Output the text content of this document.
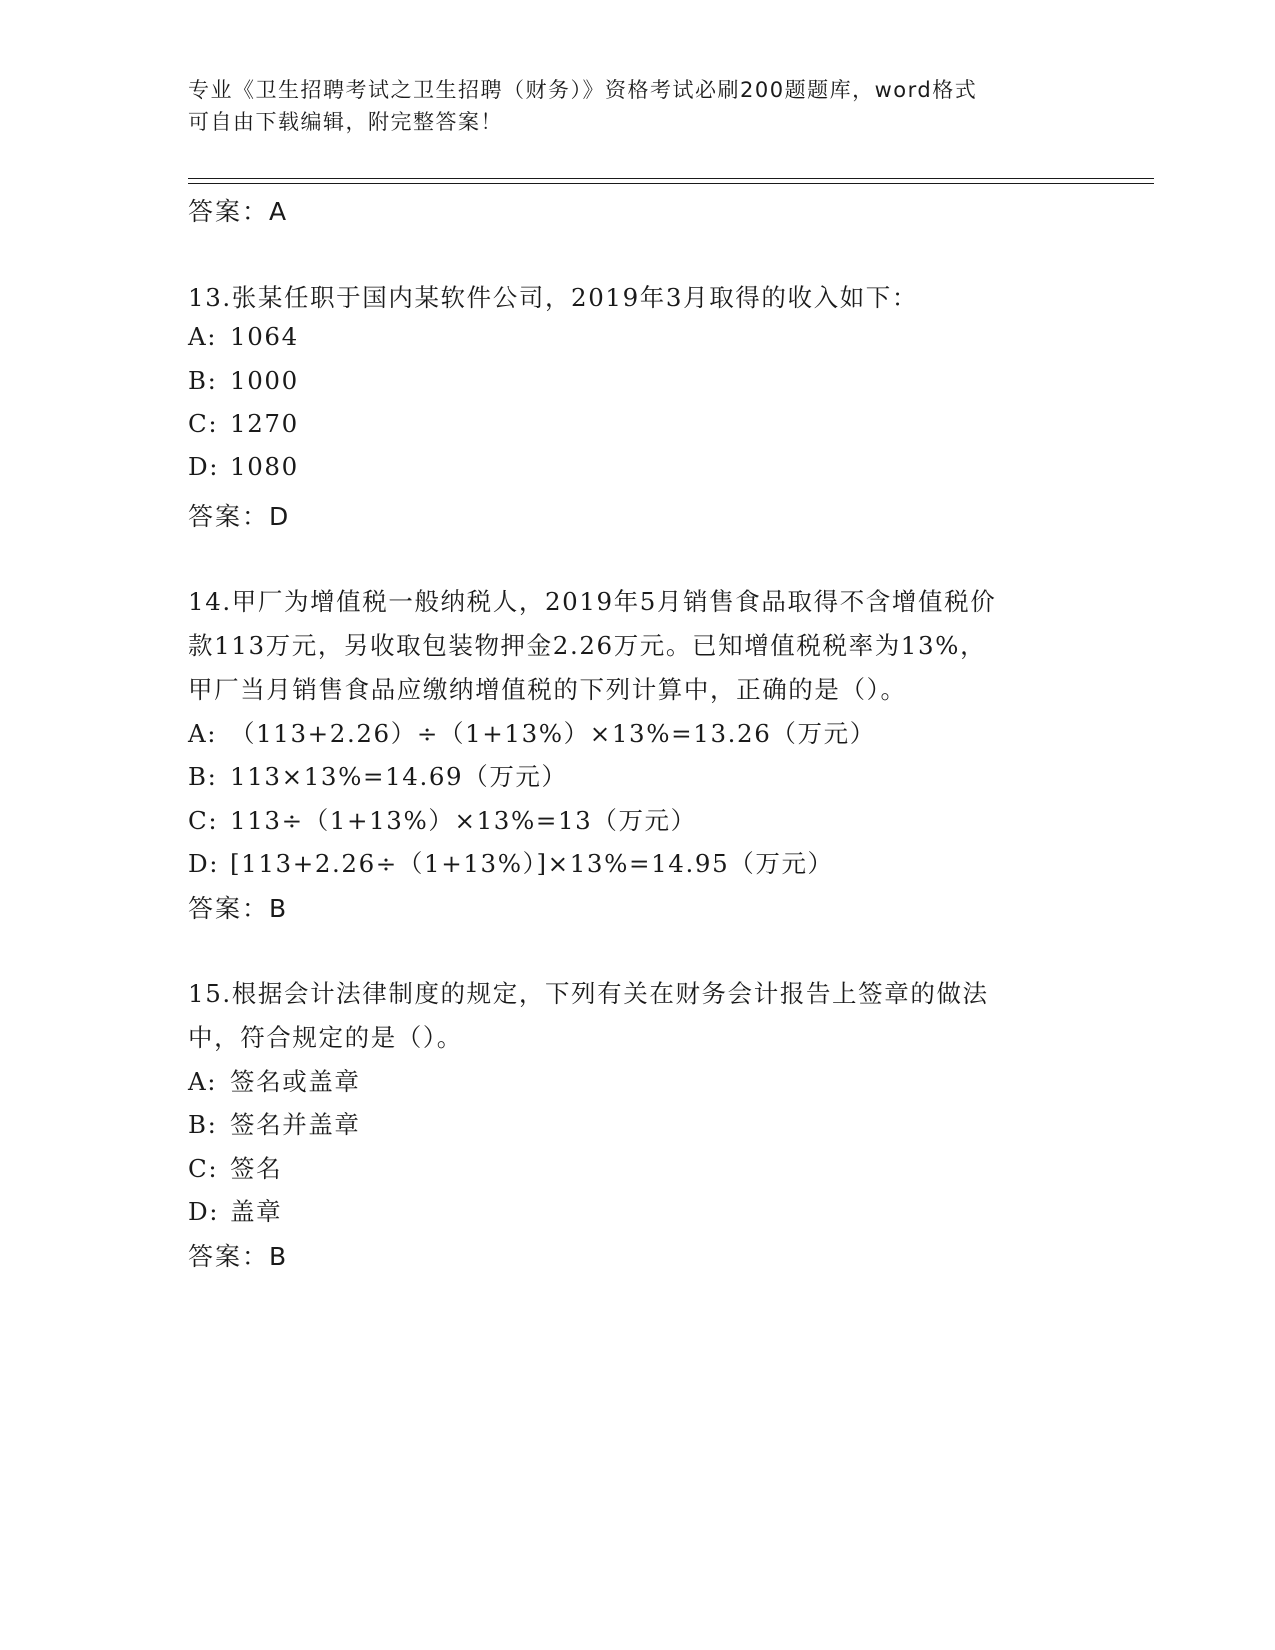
专业《卫生招聘考试之卫生招聘（财务）》资格考试必刷200题题库，word格式
可自由下载编辑，附完整答案！
答案：A
13.张某任职于国内某软件公司，2019年3月取得的收入如下：
A: 1064
B: 1000
C: 1270
D: 1080
答案：D
14.甲厂为增值税一般纳税人，2019年5月销售食品取得不含增值税价
款113万元，另收取包装物押金2.26万元。已知增值税税率为13%，
甲厂当月销售食品应缴纳增值税的下列计算中，正确的是（）。
A: （113+2.26）÷（1+13%）×13%=13.26（万元）
B: 113×13%=14.69（万元）
C: 113÷（1+13%）×13%=13（万元）
D: [113+2.26÷（1+13%）]×13%=14.95（万元）
答案：B
15.根据会计法律制度的规定，下列有关在财务会计报告上签章的做法
中，符合规定的是（）。
A: 签名或盖章
B: 签名并盖章
C: 签名
D: 盖章
答案：B
